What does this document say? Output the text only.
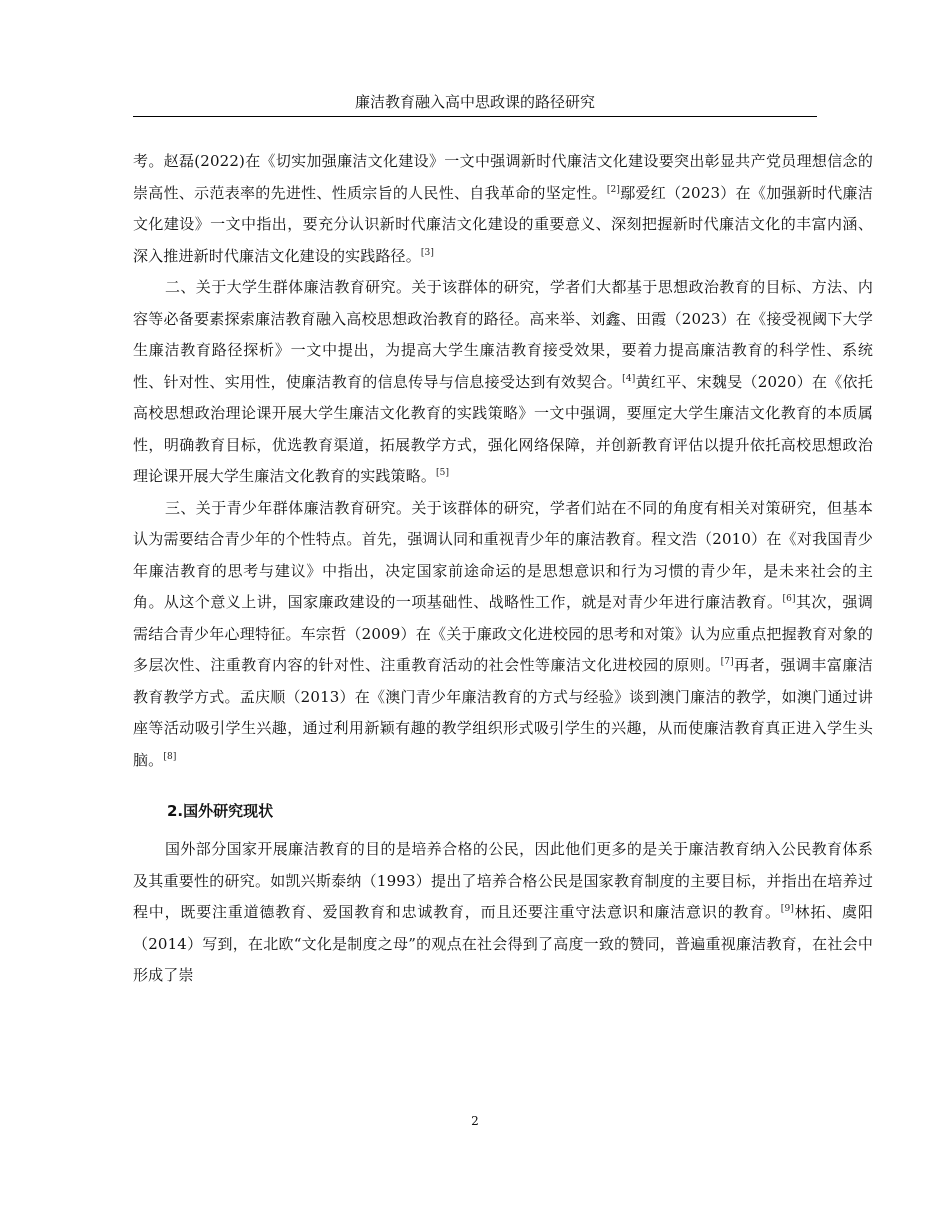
廉洁教育融入高中思政课的路径研究

考。赵磊(2022)在《切实加强廉洁文化建设》一文中强调新时代廉洁文化建设要突出彰显共产党员理想信念的崇高性、示范表率的先进性、性质宗旨的人民性、自我革命的坚定性。[2]鄢爱红（2023）在《加强新时代廉洁文化建设》一文中指出，要充分认识新时代廉洁文化建设的重要意义、深刻把握新时代廉洁文化的丰富内涵、深入推进新时代廉洁文化建设的实践路径。[3]

二、关于大学生群体廉洁教育研究。关于该群体的研究，学者们大都基于思想政治教育的目标、方法、内容等必备要素探索廉洁教育融入高校思想政治教育的路径。高来举、刘鑫、田霞（2023）在《接受视阈下大学生廉洁教育路径探析》一文中提出，为提高大学生廉洁教育接受效果，要着力提高廉洁教育的科学性、系统性、针对性、实用性，使廉洁教育的信息传导与信息接受达到有效契合。[4]黄红平、宋魏旻（2020）在《依托高校思想政治理论课开展大学生廉洁文化教育的实践策略》一文中强调，要厘定大学生廉洁文化教育的本质属性，明确教育目标，优选教育渠道，拓展教学方式，强化网络保障，并创新教育评估以提升依托高校思想政治理论课开展大学生廉洁文化教育的实践策略。[5]

三、关于青少年群体廉洁教育研究。关于该群体的研究，学者们站在不同的角度有相关对策研究，但基本认为需要结合青少年的个性特点。首先，强调认同和重视青少年的廉洁教育。程文浩（2010）在《对我国青少年廉洁教育的思考与建议》中指出，决定国家前途命运的是思想意识和行为习惯的青少年，是未来社会的主角。从这个意义上讲，国家廉政建设的一项基础性、战略性工作，就是对青少年进行廉洁教育。[6]其次，强调需结合青少年心理特征。车宗哲（2009）在《关于廉政文化进校园的思考和对策》认为应重点把握教育对象的多层次性、注重教育内容的针对性、注重教育活动的社会性等廉洁文化进校园的原则。[7]再者，强调丰富廉洁教育教学方式。孟庆顺（2013）在《澳门青少年廉洁教育的方式与经验》谈到澳门廉洁的教学，如澳门通过讲座等活动吸引学生兴趣，通过利用新颖有趣的教学组织形式吸引学生的兴趣，从而使廉洁教育真正进入学生头脑。[8]

2.国外研究现状

国外部分国家开展廉洁教育的目的是培养合格的公民，因此他们更多的是关于廉洁教育纳入公民教育体系及其重要性的研究。如凯兴斯泰纳（1993）提出了培养合格公民是国家教育制度的主要目标，并指出在培养过程中，既要注重道德教育、爱国教育和忠诚教育，而且还要注重守法意识和廉洁意识的教育。[9]林拓、虞阳（2014）写到，在北欧“文化是制度之母”的观点在社会得到了高度一致的赞同，普遍重视廉洁教育，在社会中形成了崇

2
